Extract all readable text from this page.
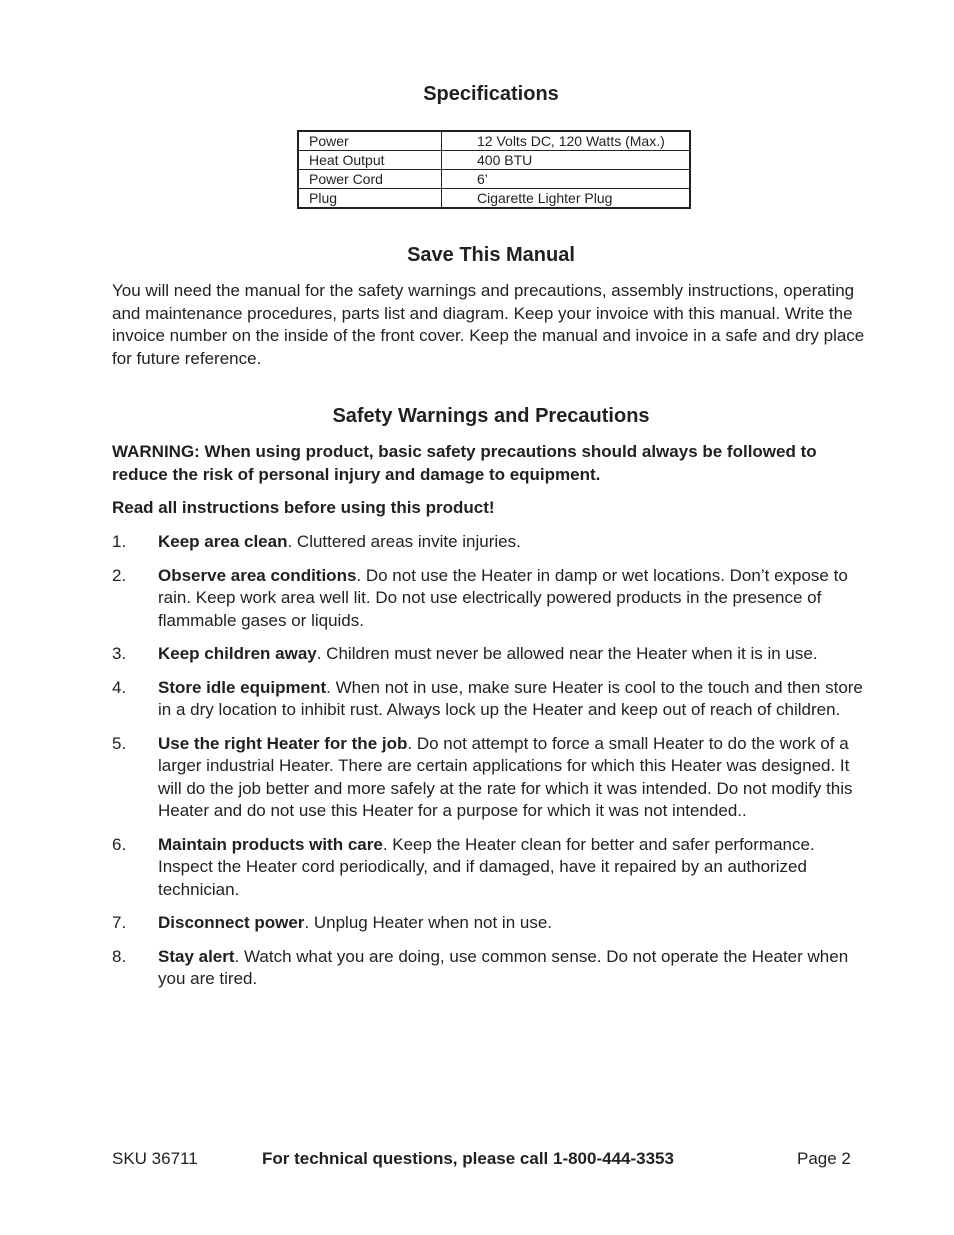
Specifications
Power	12 Volts DC, 120 Watts (Max.)
Heat Output	400 BTU
Power Cord	6’
Plug	Cigarette Lighter Plug
Save This Manual

You will need the manual for the safety warnings and precautions, assembly instructions, operating and maintenance procedures, parts list and diagram. Keep your invoice with this manual. Write the invoice number on the inside of the front cover. Keep the manual and invoice in a safe and dry place for future reference.

Safety Warnings and Precautions

WARNING: When using product, basic safety precautions should always be followed to reduce the risk of personal injury and damage to equipment.

Read all instructions before using this product!

1. Keep area clean. Cluttered areas invite injuries.
2. Observe area conditions. Do not use the Heater in damp or wet locations. Don’t expose to rain. Keep work area well lit. Do not use electrically powered products in the presence of flammable gases or liquids.
3. Keep children away. Children must never be allowed near the Heater when it is in use.
4. Store idle equipment. When not in use, make sure Heater is cool to the touch and then store in a dry location to inhibit rust. Always lock up the Heater and keep out of reach of children.
5. Use the right Heater for the job. Do not attempt to force a small Heater to do the work of a larger industrial Heater. There are certain applications for which this Heater was designed. It will do the job better and more safely at the rate for which it was intended. Do not modify this Heater and do not use this Heater for a purpose for which it was not intended..
6. Maintain products with care. Keep the Heater clean for better and safer performance. Inspect the Heater cord periodically, and if damaged, have it repaired by an authorized technician.
7. Disconnect power. Unplug Heater when not in use.
8. Stay alert. Watch what you are doing, use common sense. Do not operate the Heater when you are tired.
SKU 36711	For technical questions, please call 1-800-444-3353	Page 2
